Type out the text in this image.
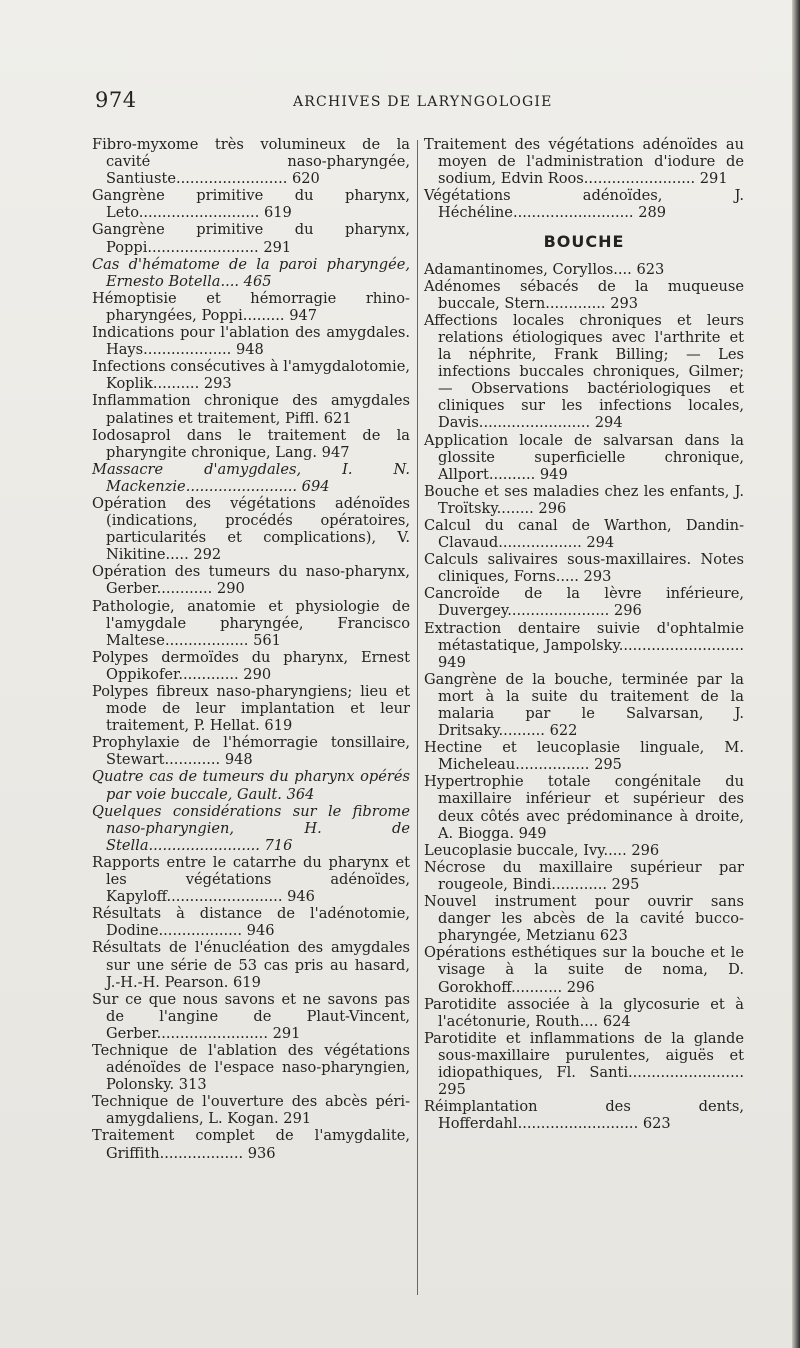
974	ARCHIVES DE LARYNGOLOGIE
Fibro-myxome très volumineux de la cavité naso-pharyngée, Santiuste........................ 620
Gangrène primitive du pharynx, Leto.......................... 619
Gangrène primitive du pharynx, Poppi........................ 291
Cas d'hématome de la paroi pharyngée, Ernesto Botella.... 465
Hémoptisie et hémorragie rhino-pharyngées, Poppi......... 947
Indications pour l'ablation des amygdales. Hays................... 948
Infections consécutives à l'amygdalotomie, Koplik.......... 293
Inflammation chronique des amygdales palatines et traitement, Piffl. 621
Iodosaprol dans le traitement de la pharyngite chronique, Lang. 947
Massacre d'amygdales, I. N. Mackenzie........................ 694
Opération des végétations adénoïdes (indications, procédés opératoires, particularités et complications), V. Nikitine..... 292
Opération des tumeurs du naso-pharynx, Gerber............ 290
Pathologie, anatomie et physiologie de l'amygdale pharyngée, Francisco Maltese.................. 561
Polypes dermoïdes du pharynx, Ernest Oppikofer............. 290
Polypes fibreux naso-pharyngiens; lieu et mode de leur implantation et leur traitement, P. Hellat. 619
Prophylaxie de l'hémorragie tonsillaire, Stewart............ 948
Quatre cas de tumeurs du pharynx opérés par voie buccale, Gault. 364
Quelques considérations sur le fibrome naso-pharyngien, H. de Stella........................ 716
Rapports entre le catarrhe du pharynx et les végétations adénoïdes, Kapyloff......................... 946
Résultats à distance de l'adénotomie, Dodine.................. 946
Résultats de l'énucléation des amygdales sur une série de 53 cas pris au hasard, J.-H.-H. Pearson. 619
Sur ce que nous savons et ne savons pas de l'angine de Plaut-Vincent, Gerber........................ 291
Technique de l'ablation des végétations adénoïdes de l'espace naso-pharyngien, Polonsky. 313
Technique de l'ouverture des abcès péri-amygdaliens, L. Kogan. 291
Traitement complet de l'amygdalite, Griffith.................. 936
Traitement des végétations adénoïdes au moyen de l'administration d'iodure de sodium, Edvin Roos........................ 291
Végétations adénoïdes, J. Héchéline.......................... 289
BOUCHE
Adamantinomes, Coryllos.... 623
Adénomes sébacés de la muqueuse buccale, Stern............. 293
Affections locales chroniques et leurs relations étiologiques avec l'arthrite et la néphrite, Frank Billing; — Les infections buccales chroniques, Gilmer; — Observations bactériologiques et cliniques sur les infections locales, Davis........................ 294
Application locale de salvarsan dans la glossite superficielle chronique, Allport.......... 949
Bouche et ses maladies chez les enfants, J. Troïtsky........ 296
Calcul du canal de Warthon, Dandin-Clavaud.................. 294
Calculs salivaires sous-maxillaires. Notes cliniques, Forns..... 293
Cancroïde de la lèvre inférieure, Duvergey...................... 296
Extraction dentaire suivie d'ophtalmie métastatique, Jampolsky........................... 949
Gangrène de la bouche, terminée par la mort à la suite du traitement de la malaria par le Salvarsan, J. Dritsaky.......... 622
Hectine et leucoplasie linguale, M. Micheleau................ 295
Hypertrophie totale congénitale du maxillaire inférieur et supérieur des deux côtés avec prédominance à droite, A. Biogga. 949
Leucoplasie buccale, Ivy..... 296
Nécrose du maxillaire supérieur par rougeole, Bindi............ 295
Nouvel instrument pour ouvrir sans danger les abcès de la cavité bucco-pharyngée, Metzianu 623
Opérations esthétiques sur la bouche et le visage à la suite de noma, D. Gorokhoff........... 296
Parotidite associée à la glycosurie et à l'acétonurie, Routh.... 624
Parotidite et inflammations de la glande sous-maxillaire purulentes, aiguës et idiopathiques, Fl. Santi......................... 295
Réimplantation des dents, Hofferdahl.......................... 623
